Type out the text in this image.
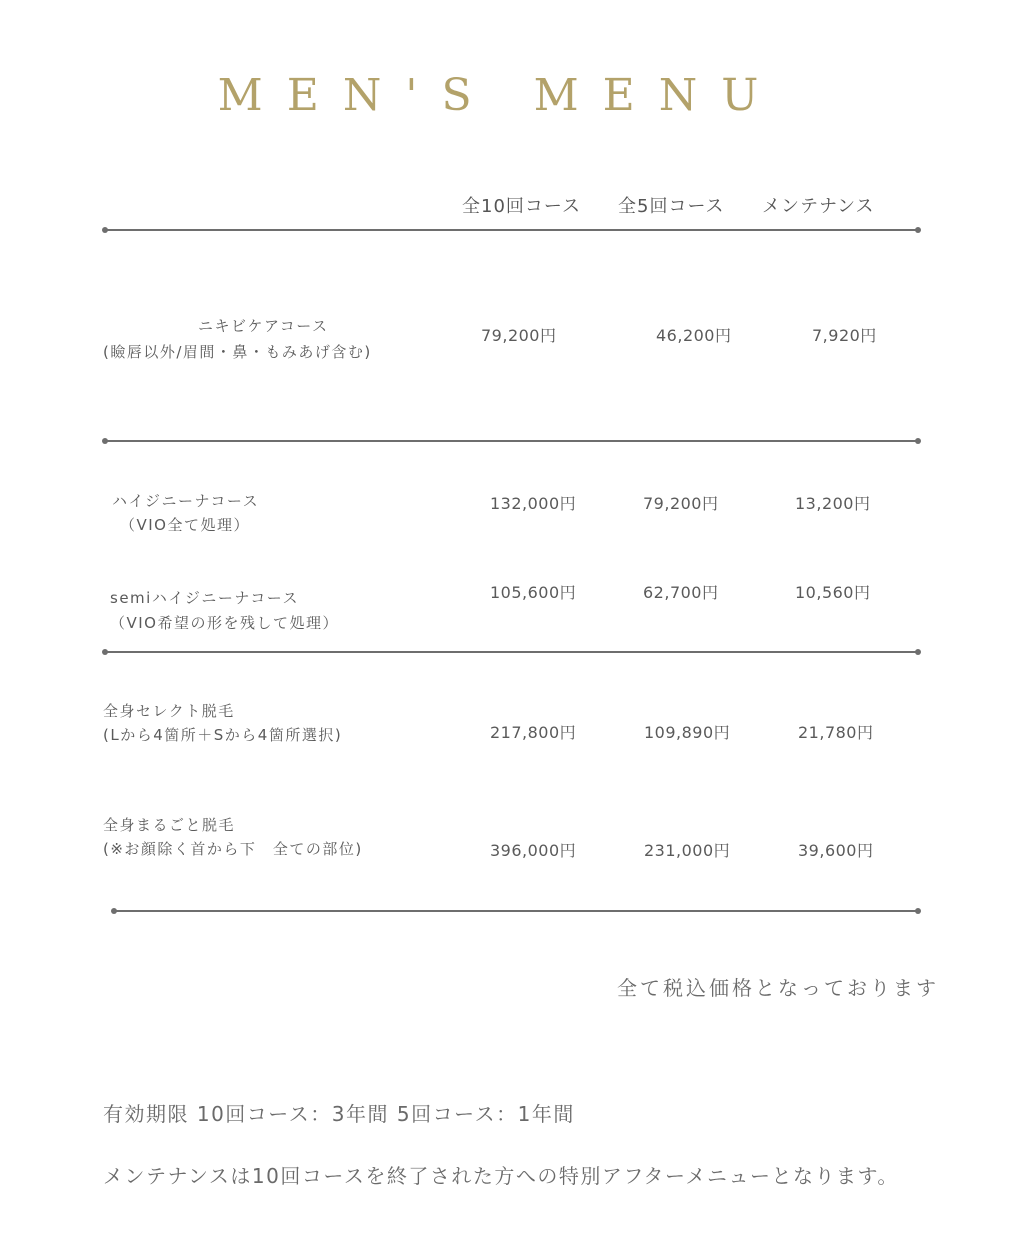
MEN'S MENU
全10回コース 全5回コース メンテナンス
ニキビケアコース
(瞼唇以外/眉間・鼻・もみあげ含む)
79,200円	46,200円	7,920円
ハイジニーナコース
（VIO全て処理）
132,000円	79,200円	13,200円
semiハイジニーナコース
（VIO希望の形を残して処理）
105,600円	62,700円	10,560円
全身セレクト脱毛
(Lから4箇所＋Sから4箇所選択)	217,800円	109,890円	21,780円
全身まるごと脱毛
(※お顔除く首から下　全ての部位)	396,000円	231,000円	39,600円
全て税込価格となっております
有効期限 10回コース：3年間 5回コース：1年間
メンテナンスは10回コースを終了された方への特別アフターメニューとなります。
